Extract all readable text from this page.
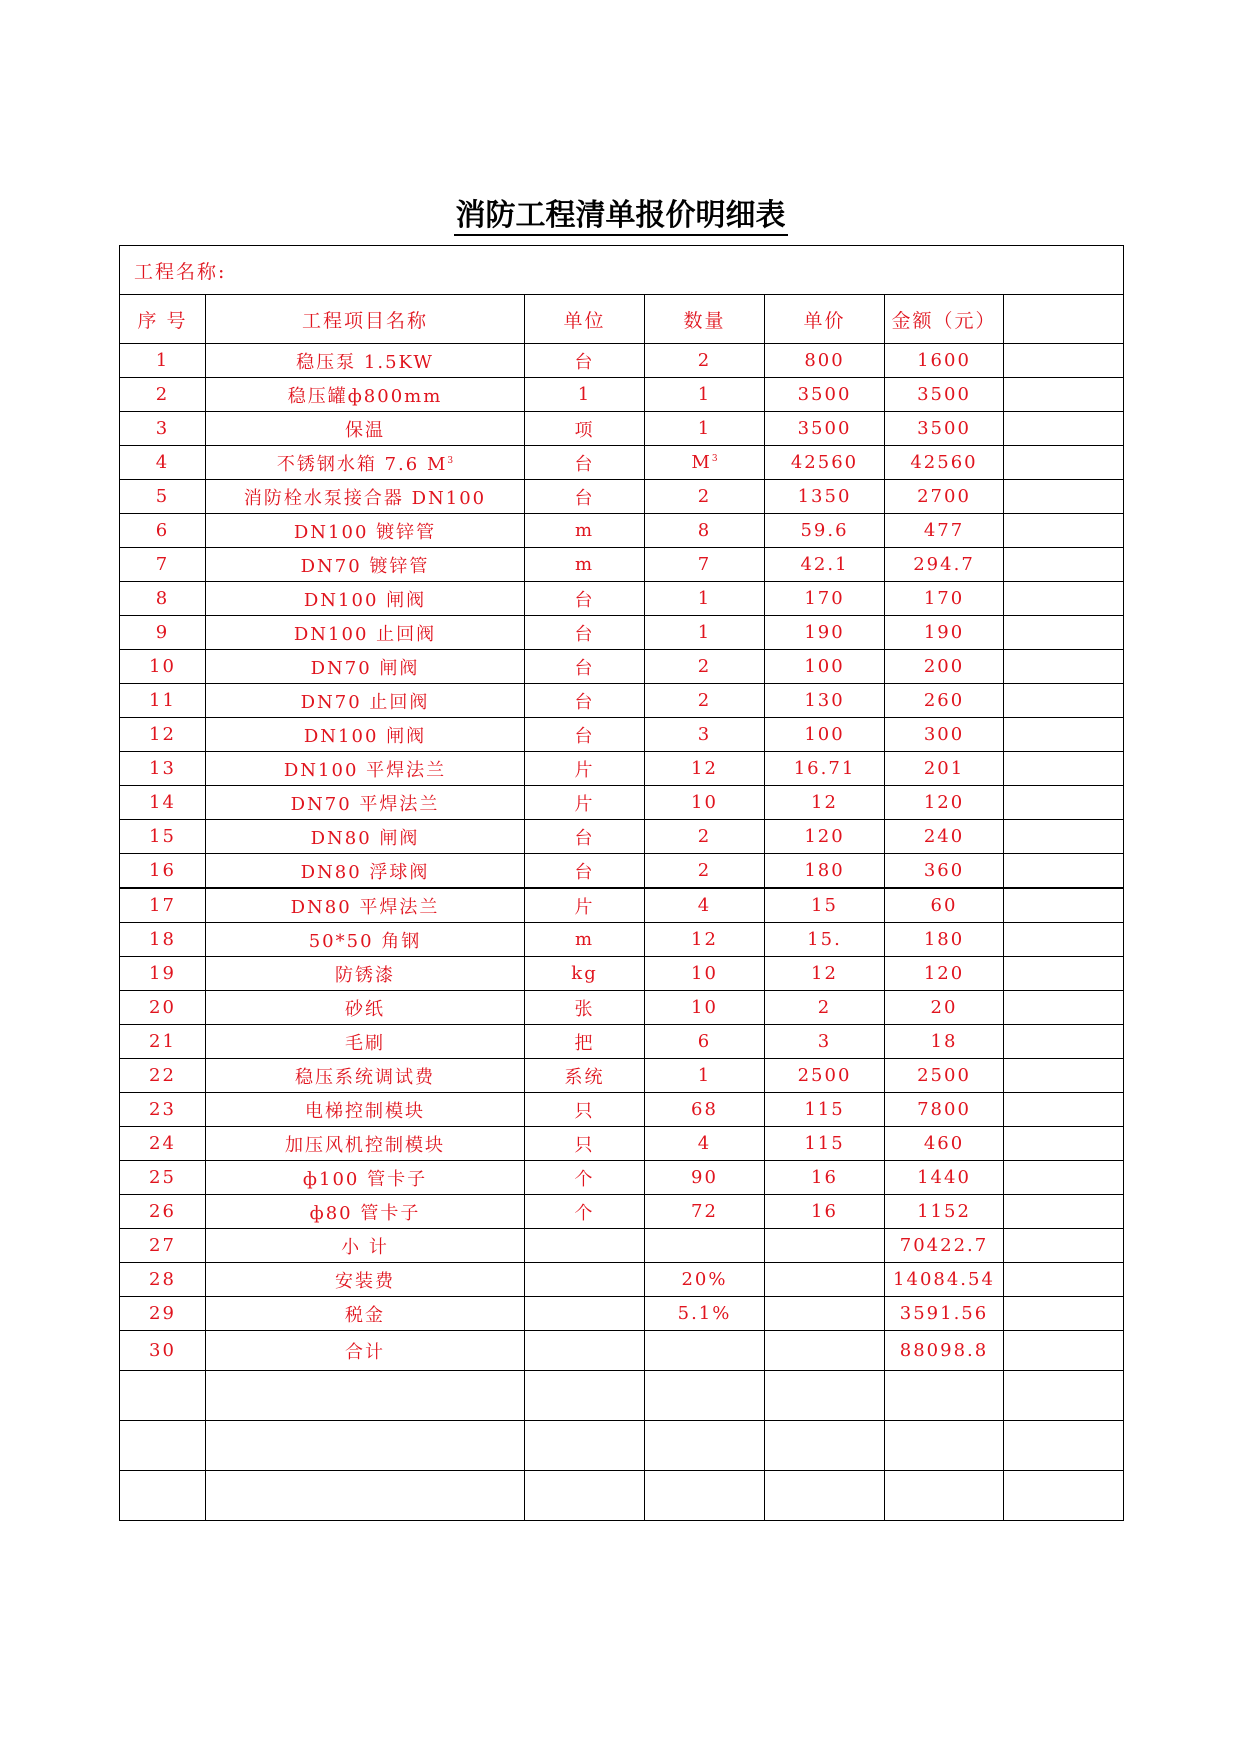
消防工程清单报价明细表
工程名称:						
序 号	工程项目名称	单位	数量	单价	金额（元）	
1	稳压泵 1.5KW	台	2	800	1600	
2	稳压罐ф800mm	1	1	3500	3500	
3	保温	项	1	3500	3500	
4	不锈钢水箱 7.6 $M^3$	台	$M^3$	42560	42560	
5	消防栓水泵接合器 DN100	台	2	1350	2700	
6	DN100 镀锌管	m	8	59.6	477	
7	DN70 镀锌管	m	7	42.1	294.7	
8	DN100 闸阀	台	1	170	170	
9	DN100 止回阀	台	1	190	190	
10	DN70 闸阀	台	2	100	200	
11	DN70 止回阀	台	2	130	260	
12	DN100 闸阀	台	3	100	300	
13	DN100 平焊法兰	片	12	16.71	201	
14	DN70 平焊法兰	片	10	12	120	
15	DN80 闸阀	台	2	120	240	
16	DN80 浮球阀	台	2	180	360	
17	DN80 平焊法兰	片	4	15	60	
18	50*50 角钢	m	12	15.	180	
19	防锈漆	kg	10	12	120	
20	砂纸	张	10	2	20	
21	毛刷	把	6	3	18	
22	稳压系统调试费	系统	1	2500	2500	
23	电梯控制模块	只	68	115	7800	
24	加压风机控制模块	只	4	115	460	
25	ф100 管卡子	个	90	16	1440	
26	ф80 管卡子	个	72	16	1152	
27	小 计				70422.7	
28	安装费		20%		14084.54	
29	税金		5.1%		3591.56	
30	合计				88098.8	
